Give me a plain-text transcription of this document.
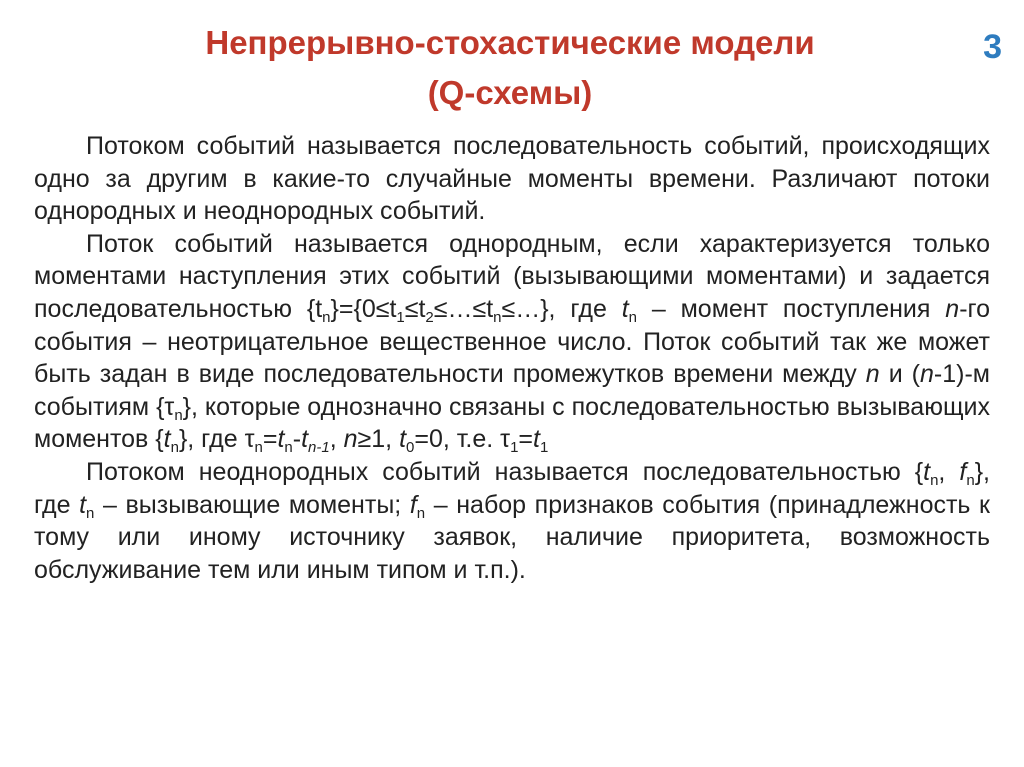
Непрерывно-стохастические модели
(Q-схемы)
3

Потоком событий называется последовательность событий, происходящих одно за другим в какие-то случайные моменты времени. Различают потоки однородных и неоднородных событий.

Поток событий называется однородным, если характеризуется только моментами наступления этих событий (вызывающими моментами) и задается последовательностью $\{t_n\}=\{0\le t_1\le t_2\le\dots\le t_n\le\dots\}$, где $t_n$ – момент поступления n-го события – неотрицательное вещественное число. Поток событий так же может быть задан в виде последовательности промежутков времени между n и (n-1)-м событиям $\{\tau_n\}$, которые однозначно связаны с последовательностью вызывающих моментов $\{t_n\}$, где $\tau_n=t_n-t_{n-1}$, n≥1, $t_0=0$, т.е. $\tau_1=t_1$

Потоком неоднородных событий называется последовательностью {$t_n$, $f_n$}, где $t_n$ – вызывающие моменты; $f_n$ – набор признаков события (принадлежность к тому или иному источнику заявок, наличие приоритета, возможность обслуживание тем или иным типом и т.п.).
